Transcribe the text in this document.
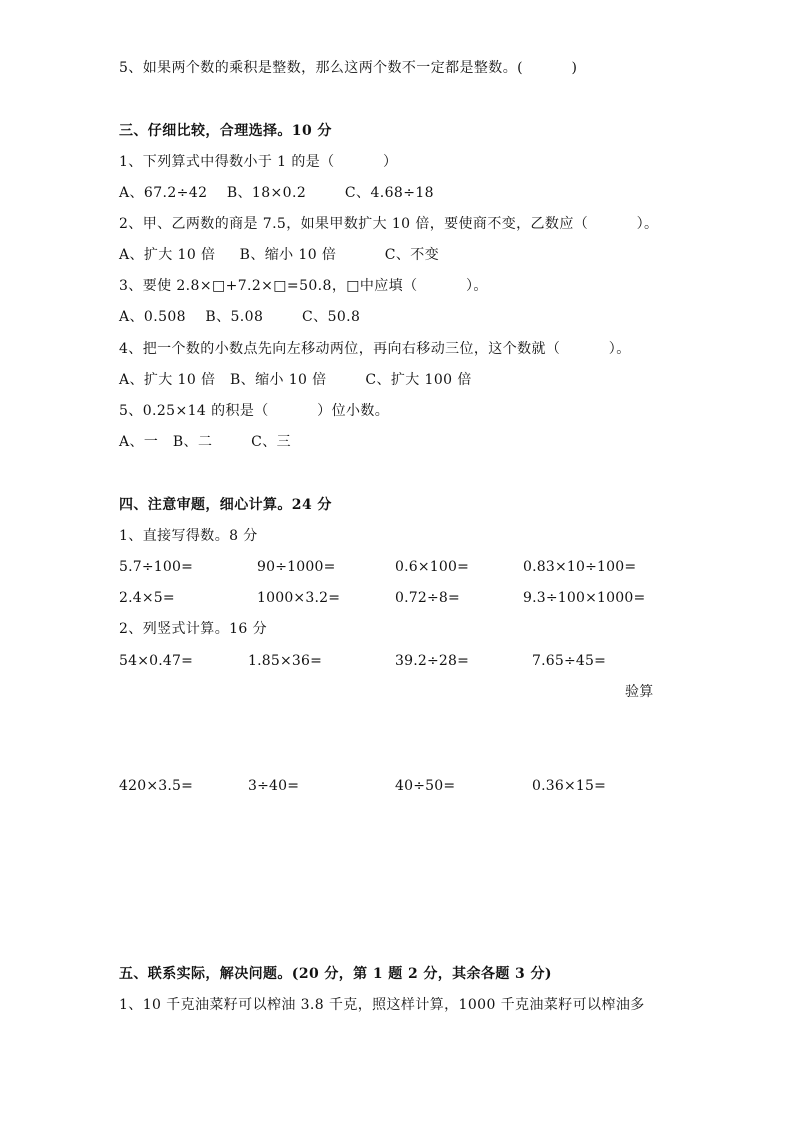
5、如果两个数的乘积是整数，那么这两个数不一定都是整数。(          )
三、仔细比较，合理选择。10 分
1、下列算式中得数小于 1 的是（          ）
A、67.2÷42    B、18×0.2        C、4.68÷18
2、甲、乙两数的商是 7.5，如果甲数扩大 10 倍，要使商不变，乙数应（          ）。
A、扩大 10 倍     B、缩小 10 倍          C、不变
3、要使 2.8×□+7.2×□=50.8，□中应填（          ）。
A、0.508    B、5.08        C、50.8
4、把一个数的小数点先向左移动两位，再向右移动三位，这个数就（          ）。
A、扩大 10 倍   B、缩小 10 倍        C、扩大 100 倍
5、0.25×14 的积是（          ）位小数。
A、一   B、二        C、三
四、注意审题，细心计算。24 分
1、直接写得数。8 分
5.7÷100=	90÷1000=	0.6×100=	0.83×10÷100=
2.4×5=	1000×3.2=	0.72÷8=	9.3÷100×1000=
2、列竖式计算。16 分
54×0.47=	1.85×36=	39.2÷28=	7.65÷45=
验算
420×3.5=	3÷40=	40÷50=	0.36×15=
五、联系实际，解决问题。(20 分，第 1 题 2 分，其余各题 3 分)
1、10 千克油菜籽可以榨油 3.8 千克，照这样计算，1000 千克油菜籽可以榨油多
